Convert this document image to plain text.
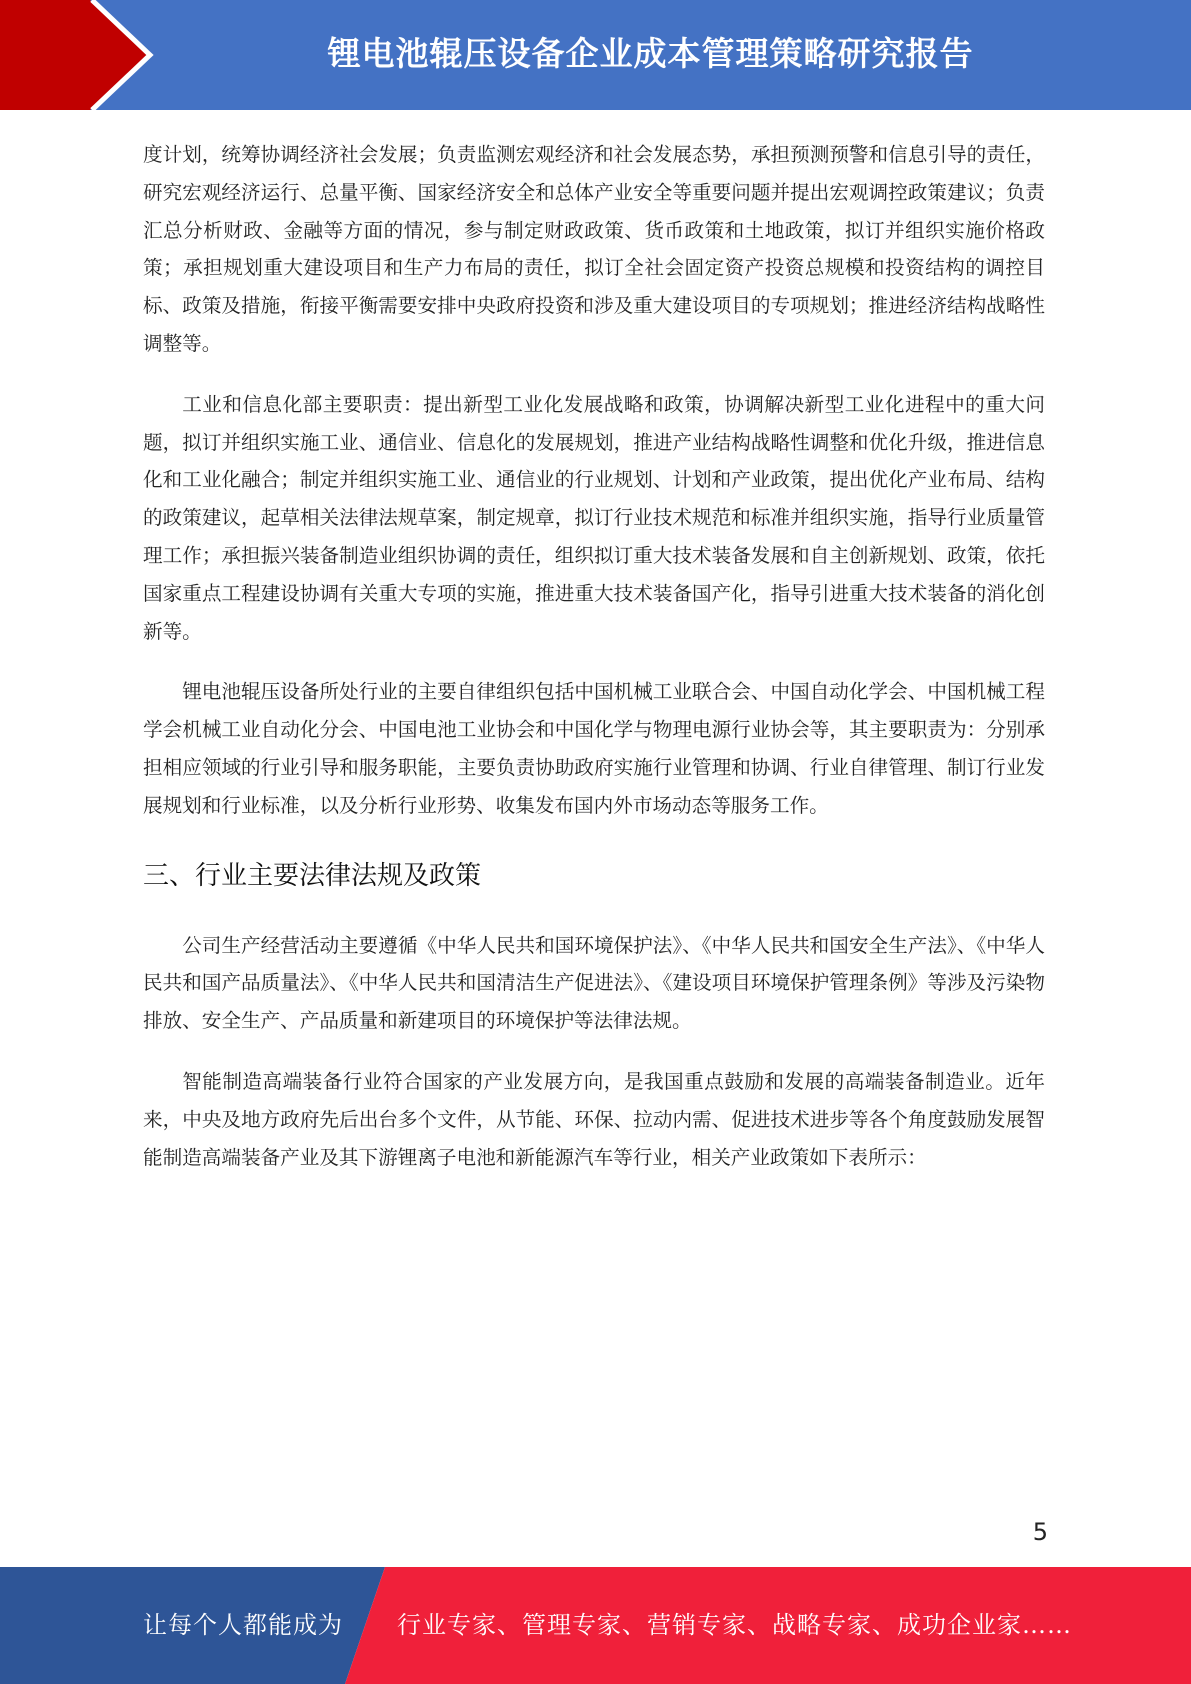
锂电池辊压设备企业成本管理策略研究报告

度计划，统筹协调经济社会发展；负责监测宏观经济和社会发展态势，承担预测预警和信息引导的责任，研究宏观经济运行、总量平衡、国家经济安全和总体产业安全等重要问题并提出宏观调控政策建议；负责汇总分析财政、金融等方面的情况，参与制定财政政策、货币政策和土地政策，拟订并组织实施价格政策；承担规划重大建设项目和生产力布局的责任，拟订全社会固定资产投资总规模和投资结构的调控目标、政策及措施，衔接平衡需要安排中央政府投资和涉及重大建设项目的专项规划；推进经济结构战略性调整等。

工业和信息化部主要职责：提出新型工业化发展战略和政策，协调解决新型工业化进程中的重大问题，拟订并组织实施工业、通信业、信息化的发展规划，推进产业结构战略性调整和优化升级，推进信息化和工业化融合；制定并组织实施工业、通信业的行业规划、计划和产业政策，提出优化产业布局、结构的政策建议，起草相关法律法规草案，制定规章，拟订行业技术规范和标准并组织实施，指导行业质量管理工作；承担振兴装备制造业组织协调的责任，组织拟订重大技术装备发展和自主创新规划、政策，依托国家重点工程建设协调有关重大专项的实施，推进重大技术装备国产化，指导引进重大技术装备的消化创新等。

锂电池辊压设备所处行业的主要自律组织包括中国机械工业联合会、中国自动化学会、中国机械工程学会机械工业自动化分会、中国电池工业协会和中国化学与物理电源行业协会等，其主要职责为：分别承担相应领域的行业引导和服务职能，主要负责协助政府实施行业管理和协调、行业自律管理、制订行业发展规划和行业标准，以及分析行业形势、收集发布国内外市场动态等服务工作。

三、行业主要法律法规及政策

公司生产经营活动主要遵循《中华人民共和国环境保护法》、《中华人民共和国安全生产法》、《中华人民共和国产品质量法》、《中华人民共和国清洁生产促进法》、《建设项目环境保护管理条例》等涉及污染物排放、安全生产、产品质量和新建项目的环境保护等法律法规。

智能制造高端装备行业符合国家的产业发展方向，是我国重点鼓励和发展的高端装备制造业。近年来，中央及地方政府先后出台多个文件，从节能、环保、拉动内需、促进技术进步等各个角度鼓励发展智能制造高端装备产业及其下游锂离子电池和新能源汽车等行业，相关产业政策如下表所示：

5
让每个人都能成为 行业专家、管理专家、营销专家、战略专家、成功企业家……
